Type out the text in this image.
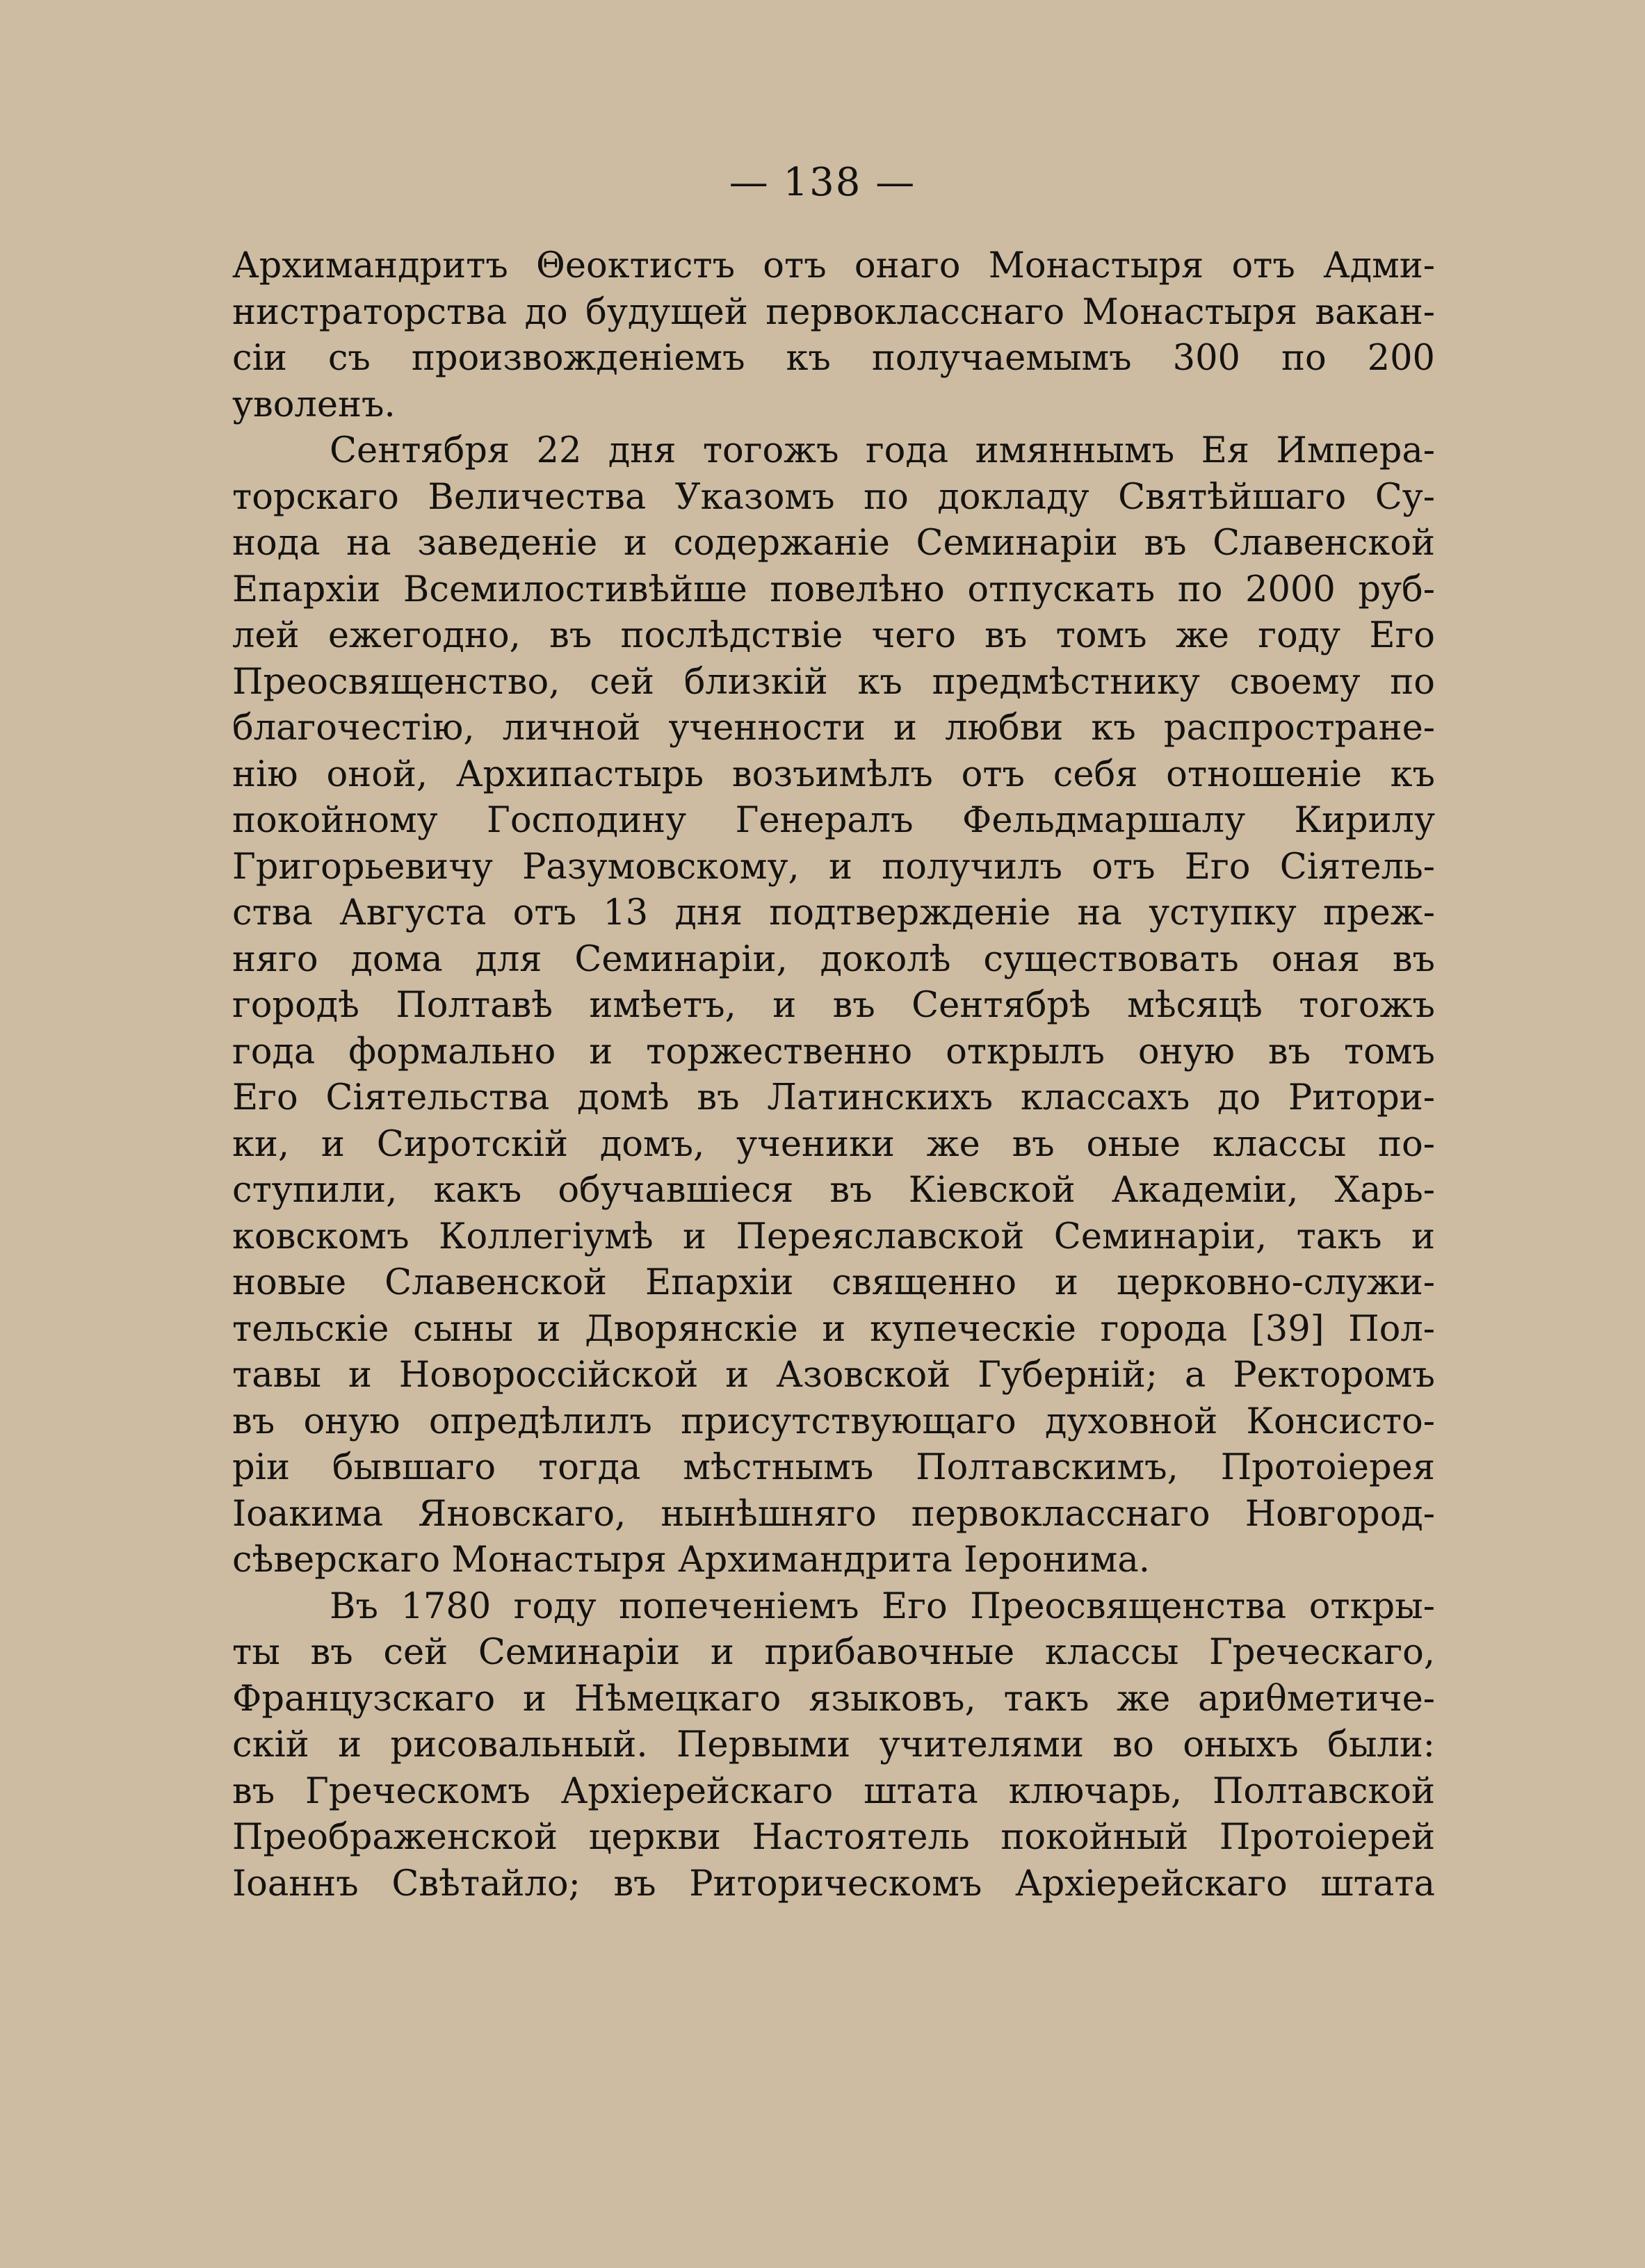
— 138 —
Архимандритъ Θеоктистъ отъ онаго Монастыря отъ Адми-
нистраторства до будущей первокласснаго Монастыря вакан-
сіи съ произвожденіемъ къ получаемымъ 300 по 200
уволенъ.
Сентября 22 дня тогожъ года имяннымъ Ея Импера-
торскаго Величества Указомъ по докладу Святѣйшаго Су-
нода на заведеніе и содержаніе Семинаріи въ Славенской
Епархіи Всемилостивѣйше повелѣно отпускать по 2000 руб-
лей ежегодно, въ послѣдствіе чего въ томъ же году Его
Преосвященство, сей близкій къ предмѣстнику своему по
благочестію, личной ученности и любви къ распростране-
нію оной, Архипастырь возъимѣлъ отъ себя отношеніе къ
покойному Господину Генералъ Фельдмаршалу Кирилу
Григорьевичу Разумовскому, и получилъ отъ Его Сіятель-
ства Августа отъ 13 дня подтвержденіе на уступку преж-
няго дома для Семинаріи, доколѣ существовать оная въ
городѣ Полтавѣ имѣетъ, и въ Сентябрѣ мѣсяцѣ тогожъ
года формально и торжественно открылъ оную въ томъ
Его Сіятельства домѣ въ Латинскихъ классахъ до Ритори-
ки, и Сиротскій домъ, ученики же въ оные классы по-
ступили, какъ обучавшіеся въ Кіевской Академіи, Харь-
ковскомъ Коллегіумѣ и Переяславской Семинаріи, такъ и
новые Славенской Епархіи священно и церковно-служи-
тельскіе сыны и Дворянскіе и купеческіе города [39] Пол-
тавы и Новороссійской и Азовской Губерній; а Ректоромъ
въ оную опредѣлилъ присутствующаго духовной Консисто-
ріи бывшаго тогда мѣстнымъ Полтавскимъ, Протоіерея
Іоакима Яновскаго, нынѣшняго первокласснаго Новгород-
сѣверскаго Монастыря Архимандрита Іеронима.
Въ 1780 году попеченіемъ Его Преосвященства откры-
ты въ сей Семинаріи и прибавочные классы Греческаго,
Французскаго и Нѣмецкаго языковъ, такъ же ариθметиче-
скій и рисовальный. Первыми учителями во оныхъ были:
въ Греческомъ Архіерейскаго штата ключарь, Полтавской
Преображенской церкви Настоятель покойный Протоіерей
Іоаннъ Свѣтайло; въ Риторическомъ Архіерейскаго штата
